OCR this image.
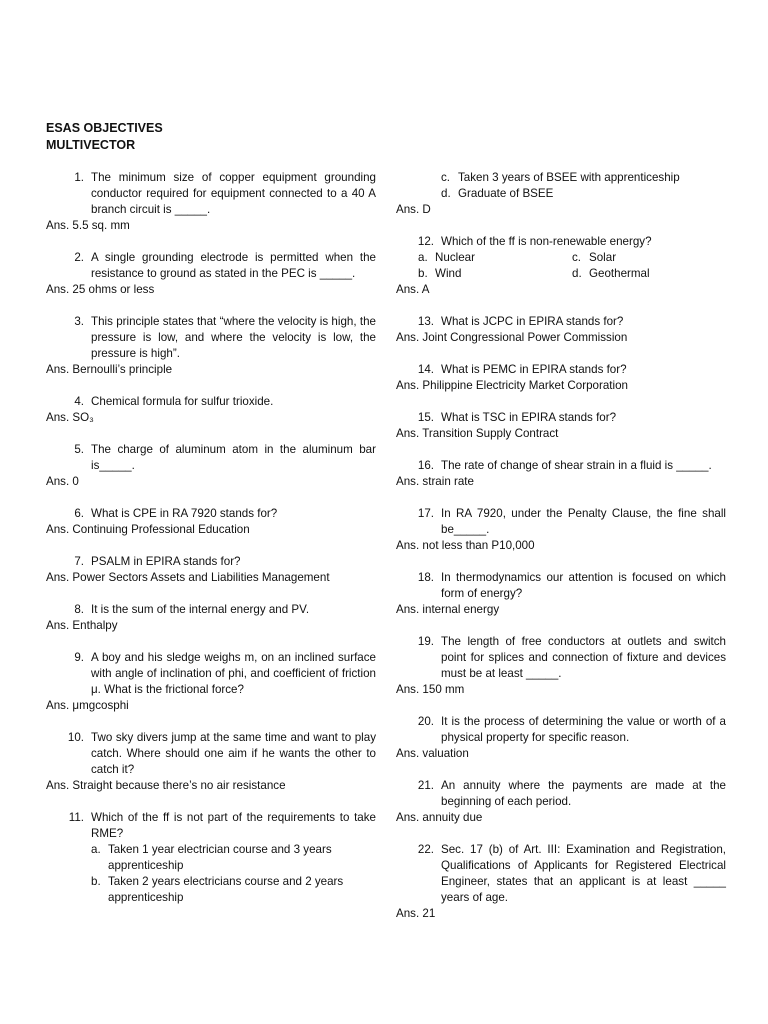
ESAS OBJECTIVES
MULTIVECTOR
1. The minimum size of copper equipment grounding conductor required for equipment connected to a 40 A branch circuit is _____.
Ans. 5.5 sq. mm
2. A single grounding electrode is permitted when the resistance to ground as stated in the PEC is _____.
Ans. 25 ohms or less
3. This principle states that “where the velocity is high, the pressure is low, and where the velocity is low, the pressure is high”.
Ans. Bernoulli’s principle
4. Chemical formula for sulfur trioxide.
Ans. SO₃
5. The charge of aluminum atom in the aluminum bar is_____.
Ans. 0
6. What is CPE in RA 7920 stands for?
Ans. Continuing Professional Education
7. PSALM in EPIRA stands for?
Ans. Power Sectors Assets and Liabilities Management
8. It is the sum of the internal energy and PV.
Ans. Enthalpy
9. A boy and his sledge weighs m, on an inclined surface with angle of inclination of phi, and coefficient of friction μ. What is the frictional force?
Ans. μmgcosphi
10. Two sky divers jump at the same time and want to play catch. Where should one aim if he wants the other to catch it?
Ans. Straight because there’s no air resistance
11. Which of the ff is not part of the requirements to take RME?
a. Taken 1 year electrician course and 3 years apprenticeship
b. Taken 2 years electricians course and 2 years apprenticeship
c. Taken 3 years of BSEE with apprenticeship
d. Graduate of BSEE
Ans. D
12. Which of the ff is non-renewable energy?
a. Nuclear	c. Solar
b. Wind	d. Geothermal
Ans. A
13. What is JCPC in EPIRA stands for?
Ans. Joint Congressional Power Commission
14. What is PEMC in EPIRA stands for?
Ans. Philippine Electricity Market Corporation
15. What is TSC in EPIRA stands for?
Ans. Transition Supply Contract
16. The rate of change of shear strain in a fluid is _____.
Ans. strain rate
17. In RA 7920, under the Penalty Clause, the fine shall be_____.
Ans. not less than P10,000
18. In thermodynamics our attention is focused on which form of energy?
Ans. internal energy
19. The length of free conductors at outlets and switch point for splices and connection of fixture and devices must be at least _____.
Ans. 150 mm
20. It is the process of determining the value or worth of a physical property for specific reason.
Ans. valuation
21. An annuity where the payments are made at the beginning of each period.
Ans. annuity due
22. Sec. 17 (b) of Art. III: Examination and Registration, Qualifications of Applicants for Registered Electrical Engineer, states that an applicant is at least _____ years of age.
Ans. 21
